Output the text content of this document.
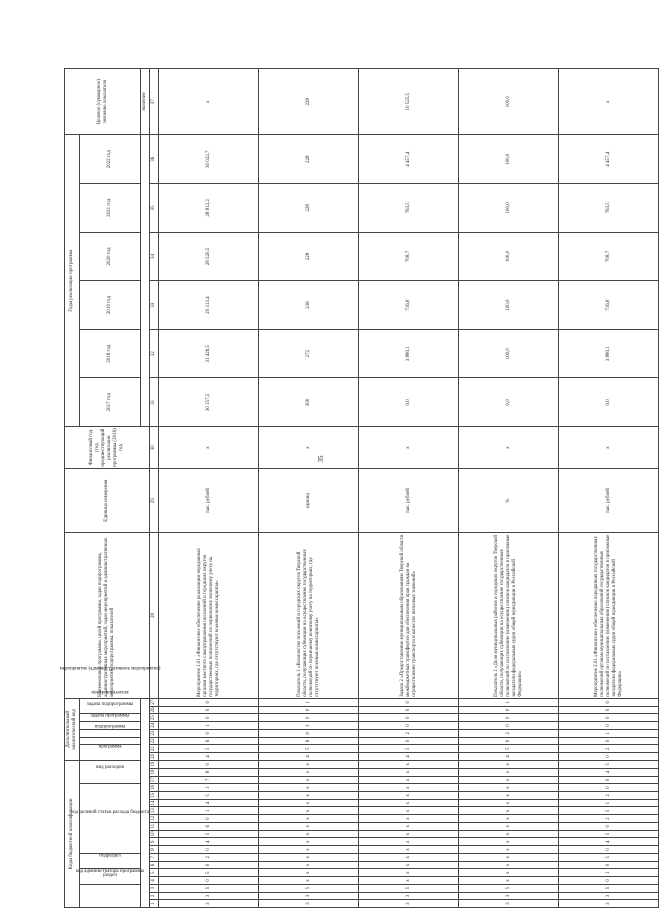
35
Коды бюджетной классификации																			Дополнительный аналитический код								Наименование программы, целей программы, задач подпрограммы, административных мероприятий, задач мероприятий и административных мероприятий подпрограммы, показателей	Единица измерения	Финансовый год (год предшествующий реализации программы (2016) год	Годы реализации программы						Целевое (суммарное) значение показателя
код администратора программы			раздел		подраздел		код целевой статьи расхода бюджета									вид расходов			программа		подпрограмма	задача программы	задача подпрограммы	мероприятие (административное мероприятие)	номер показателя					2017 год	2018 год	2019 год	2020 год	2021 год	2022 год	
																																				значение
1	2	3	4	5	6	7	8	9	10	11	12	13	14	15	16	17	18	19	20	21	22	23	24	25	26	27	28	29	30	31	32	33	34	35	36	37
3	3	5	0	5	0	2	0	4	5	6	0	1	4	5	1	7	8	0	4	5	6	0	1	0	0	0	Мероприятие 1.01 «Финансовое обеспечение реализации переданных органам местного самоуправления поселений и городских округов государственных полномочий по первичному воинскому учету на территориях, где отсутствуют военные комиссариаты»	тыс. рублей	х	30 157,5	31 426,5	29 313,4	28 520,5	28 812,2	30 022,7	х
3	3	5	х	х	х	х	х	х	х	х	х	х	х	х	х	х	х	х	4	5	6	0	1	0	0	1	Показатель 1 «Количество поселений и городских округов Тверской области, получающих субвенции на осуществление государственных полномочий по первичному воинскому учету на территориях, где отсутствуют военные комиссариаты»	единиц	х	300	272	236	228	228	228	228
3	3	5	х	х	х	х	х	х	х	х	х	х	х	х	х	х	х	х	4	5	0	2	0	0	0	0	Задача 2 «Предоставление муниципальным образованиям Тверской области межбюджетных трансфертов для обеспечения прав граждан на осуществление транспорта и качество питьевых значений»	тыс. рублей	х	0,0	3 880,1	716,8	708,7	763,5	4 457,4	10 525,5
3	3	5	х	х	х	х	х	х	х	х	х	х	х	х	х	х	х	х	4	5	0	2	0	0	0	1	Показатель 1 «Доля муниципальных районов и городских округов Тверской области, получающих субвенции на осуществление государственных полномочий по составлению (изменению) списков кандидатов в присяжные заседатели федеральных судов общей юрисдикции в Российской Федерации»	%	х	0,0	100,0	100,0	100,0	100,0	100,0	100,0
3	3	5	0	1	0	5	0	4	5	0	2	5	1	2	0	0	4	5	0	2	0	1	0	0	0	0	Мероприятие 2.01 «Финансовое обеспечение переданных государственных полномочий органам муниципальных образований государственных полномочий по составлению (изменению) списков кандидатов в присяжные заседатели федеральных судов общей юрисдикции в Российской Федерации»	тыс. рублей	х	0,0	3 880,1	716,8	708,7	763,5	4 457,4	х
